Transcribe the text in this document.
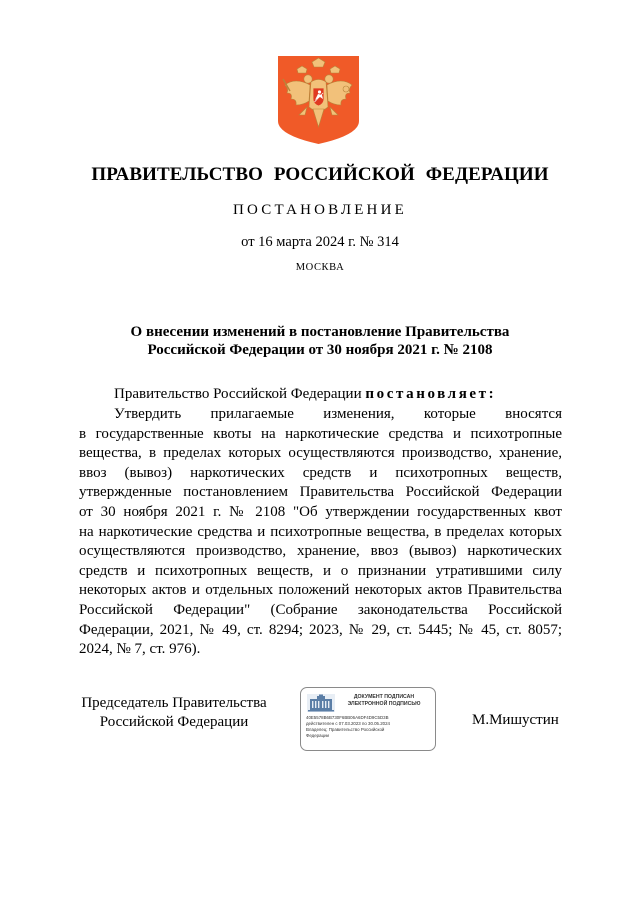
ПРАВИТЕЛЬСТВО РОССИЙСКОЙ ФЕДЕРАЦИИ
ПОСТАНОВЛЕНИЕ
от 16 марта 2024 г. № 314
МОСКВА
О внесении изменений в постановление Правительства
Российской Федерации от 30 ноября 2021 г. № 2108
Правительство Российской Федерации постановляет:
Утвердить прилагаемые изменения, которые вносятся
в государственные квоты на наркотические средства и психотропные
вещества, в пределах которых осуществляются производство, хранение,
ввоз (вывоз) наркотических средств и психотропных веществ,
утвержденные постановлением Правительства Российской Федерации
от 30 ноября 2021 г. № 2108 "Об утверждении государственных квот
на наркотические средства и психотропные вещества, в пределах которых
осуществляются производство, хранение, ввоз (вывоз) наркотических
средств и психотропных веществ, и о признании утратившими силу
некоторых актов и отдельных положений некоторых актов Правительства
Российской Федерации" (Собрание законодательства Российской
Федерации, 2021, № 49, ст. 8294; 2023, № 29, ст. 5445; № 45, ст. 8057;
2024, № 7, ст. 976).
Председатель Правительства
Российской Федерации
ДОКУМЕНТ ПОДПИСАН
ЭЛЕКТРОННОЙ ПОДПИСЬЮ
40E5578B6B730F6BB06A6DF4D9C5D3B
действителен с 07.03.2023 по 30.05.2024
Владелец: Правительство Российской
Федерации
М.Мишустин
